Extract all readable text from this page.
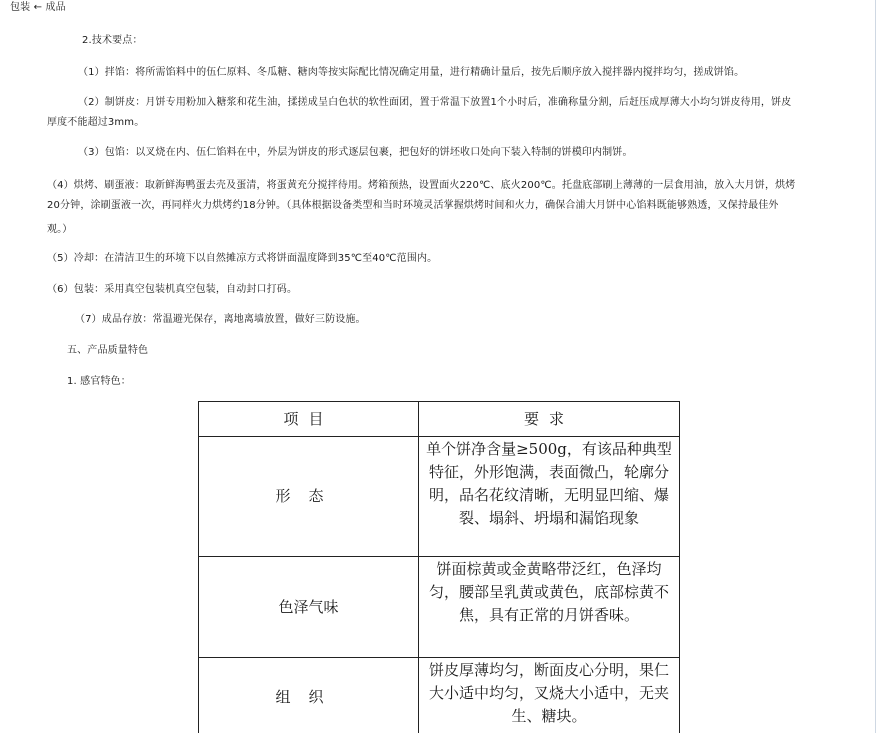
包装 ← 成品
2.技术要点：
（1）拌馅：将所需馅料中的伍仁原料、冬瓜糖、糖肉等按实际配比情况确定用量，进行精确计量后，按先后顺序放入搅拌器内搅拌均匀，搓成饼馅。
（2）制饼皮：月饼专用粉加入糖浆和花生油，揉搓成呈白色状的软性面团，置于常温下放置1个小时后，准确称量分割，后赶压成厚薄大小均匀饼皮待用，饼皮
厚度不能超过3mm。
（3）包馅：以叉烧在内、伍仁馅料在中，外层为饼皮的形式逐层包裹，把包好的饼坯收口处向下装入特制的饼模印内制饼。
（4）烘烤、刷蛋液：取新鲜海鸭蛋去壳及蛋清，将蛋黄充分搅拌待用。烤箱预热，设置面火220℃、底火200℃。托盘底部刷上薄薄的一层食用油，放入大月饼，烘烤
20分钟，涂刷蛋液一次，再同样火力烘烤约18分钟。（具体根据设备类型和当时环境灵活掌握烘烤时间和火力，确保合浦大月饼中心馅料既能够熟透，又保持最佳外
观。）
（5）冷却：在清洁卫生的环境下以自然摊凉方式将饼面温度降到35℃至40℃范围内。
（6）包装：采用真空包装机真空包装，自动封口打码。
（7）成品存放：常温避光保存，离地离墙放置，做好三防设施。
五、产品质量特色
1. 感官特色：
项目	要求
形态	单个饼净含量≥500g，有该品种典型特征，外形饱满，表面微凸，轮廓分明，品名花纹清晰，无明显凹缩、爆裂、塌斜、坍塌和漏馅现象
色泽气味	饼面棕黄或金黄略带泛红，色泽均匀，腰部呈乳黄或黄色，底部棕黄不焦，具有正常的月饼香味。
组织	饼皮厚薄均匀，断面皮心分明，果仁大小适中均匀，叉烧大小适中，无夹生、糖块。
